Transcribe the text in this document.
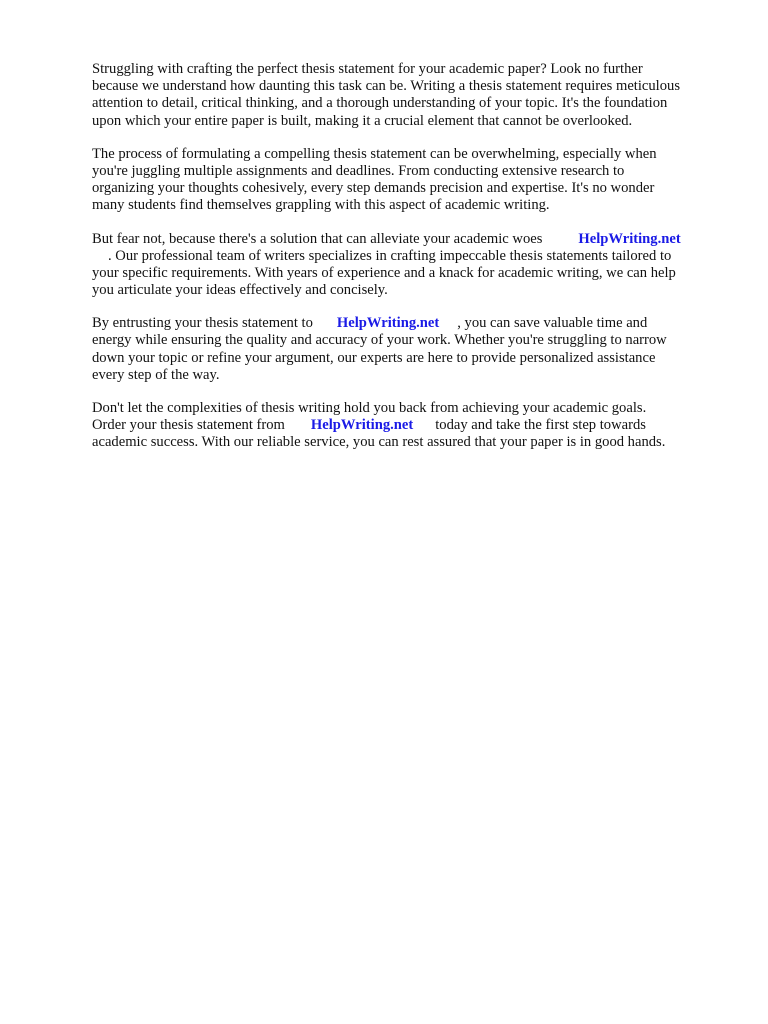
Struggling with crafting the perfect thesis statement for your academic paper? Look no further
because we understand how daunting this task can be. Writing a thesis statement requires meticulous
attention to detail, critical thinking, and a thorough understanding of your topic. It's the foundation
upon which your entire paper is built, making it a crucial element that cannot be overlooked.

The process of formulating a compelling thesis statement can be overwhelming, especially when
you're juggling multiple assignments and deadlines. From conducting extensive research to
organizing your thoughts cohesively, every step demands precision and expertise. It's no wonder
many students find themselves grappling with this aspect of academic writing.

But fear not, because there's a solution that can alleviate your academic woes HelpWriting.net
. Our professional team of writers specializes in crafting impeccable thesis statements tailored to
your specific requirements. With years of experience and a knack for academic writing, we can help
you articulate your ideas effectively and concisely.

By entrusting your thesis statement to HelpWriting.net , you can save valuable time and
energy while ensuring the quality and accuracy of your work. Whether you're struggling to narrow
down your topic or refine your argument, our experts are here to provide personalized assistance
every step of the way.

Don't let the complexities of thesis writing hold you back from achieving your academic goals.
Order your thesis statement from HelpWriting.net today and take the first step towards
academic success. With our reliable service, you can rest assured that your paper is in good hands.
